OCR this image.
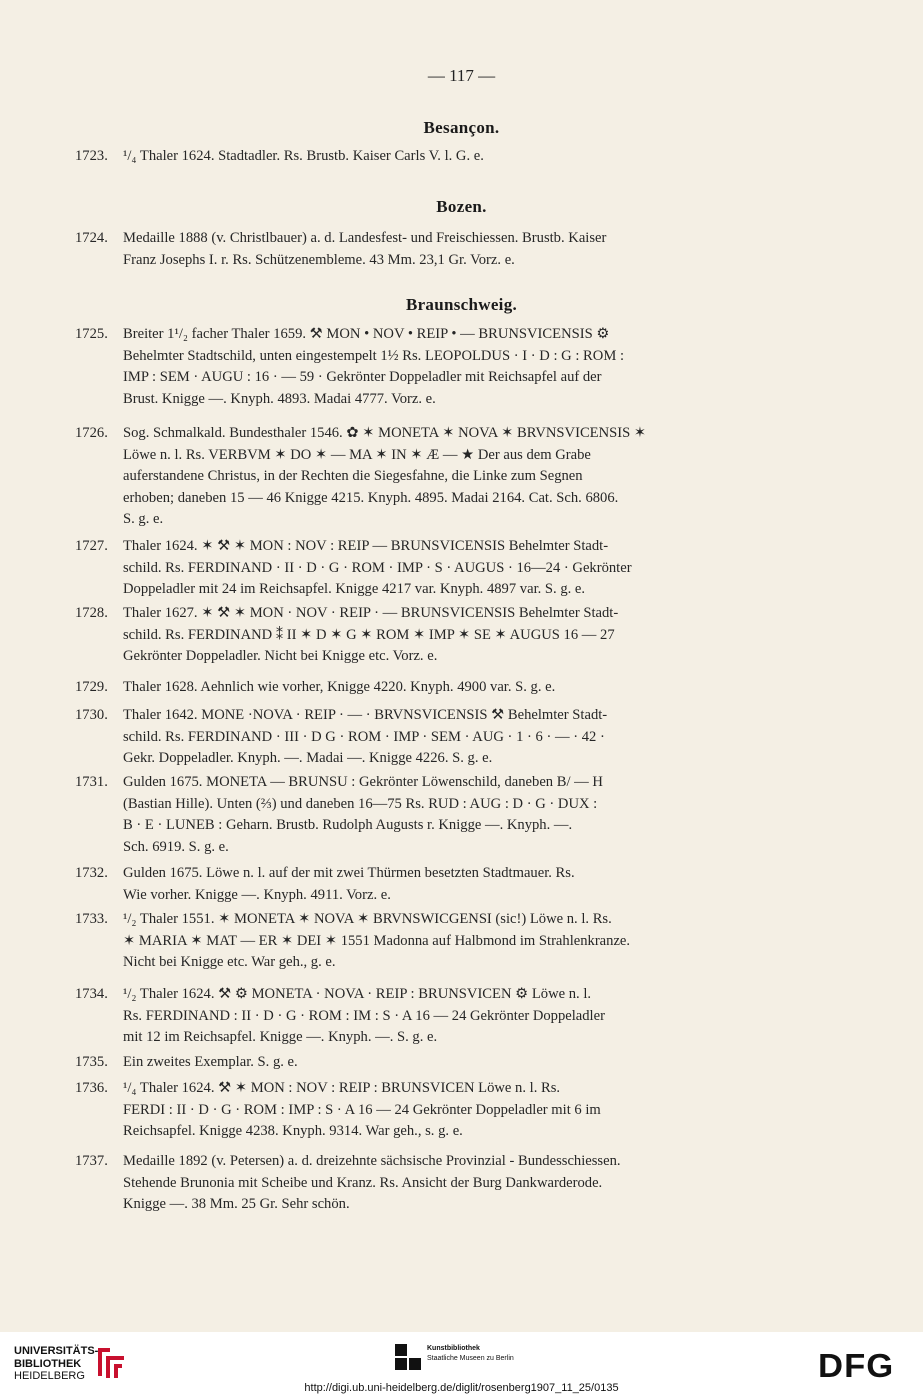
— 117 —
Besançon.
1723.	¹/₄ Thaler 1624. Stadtadler. Rs. Brustb. Kaiser Carls V. l. G. e.
Bozen.
1724.	Medaille 1888 (v. Christlbauer) a. d. Landesfest- und Freischiessen. Brustb. Kaiser
Franz Josephs I. r. Rs. Schützenembleme. 43 Mm. 23,1 Gr. Vorz. e.
Braunschweig.
1725.	Breiter 1¹/₂ facher Thaler 1659. ⚒ MON • NOV • REIP • — BRUNSVICENSIS ⚙
Behelmter Stadtschild, unten eingestempelt 1½ Rs. LEOPOLDUS · I · D : G : ROM :
IMP : SEM · AUGU : 16 · — 59 · Gekrönter Doppeladler mit Reichsapfel auf der
Brust. Knigge —. Knyph. 4893. Madai 4777. Vorz. e.
1726.	Sog. Schmalkald. Bundesthaler 1546. ✿ ✶ MONETA ✶ NOVA ✶ BRVNSVICENSIS ✶
Löwe n. l. Rs. VERBVM ✶ DO ✶ — MA ✶ IN ✶ Æ — ★ Der aus dem Grabe
auferstandene Christus, in der Rechten die Siegesfahne, die Linke zum Segnen
erhoben; daneben 15 — 46 Knigge 4215. Knyph. 4895. Madai 2164. Cat. Sch. 6806.
S. g. e.
1727.	Thaler 1624. ✶ ⚒ ✶ MON : NOV : REIP — BRUNSVICENSIS Behelmter Stadt-
schild. Rs. FERDINAND · II · D · G · ROM · IMP · S · AUGUS · 16—24 · Gekrönter
Doppeladler mit 24 im Reichsapfel. Knigge 4217 var. Knyph. 4897 var. S. g. e.
1728.	Thaler 1627. ✶ ⚒ ✶ MON · NOV · REIP · — BRUNSVICENSIS Behelmter Stadt-
schild. Rs. FERDINAND ⁑ II ✶ D ✶ G ✶ ROM ✶ IMP ✶ SE ✶ AUGUS 16 — 27
Gekrönter Doppeladler. Nicht bei Knigge etc. Vorz. e.
1729.	Thaler 1628. Aehnlich wie vorher, Knigge 4220. Knyph. 4900 var. S. g. e.
1730.	Thaler 1642. MONE ·NOVA · REIP · — · BRVNSVICENSIS ⚒ Behelmter Stadt-
schild. Rs. FERDINAND · III · D G · ROM · IMP · SEM · AUG · 1 · 6 · — · 42 ·
Gekr. Doppeladler. Knyph. —. Madai —. Knigge 4226. S. g. e.
1731.	Gulden 1675. MONETA — BRUNSU : Gekrönter Löwenschild, daneben B/ — H
(Bastian Hille). Unten (⅔) und daneben 16—75 Rs. RUD : AUG : D · G · DUX :
B · E · LUNEB : Geharn. Brustb. Rudolph Augusts r. Knigge —. Knyph. —.
Sch. 6919. S. g. e.
1732.	Gulden 1675. Löwe n. l. auf der mit zwei Thürmen besetzten Stadtmauer. Rs.
Wie vorher. Knigge —. Knyph. 4911. Vorz. e.
1733.	¹/₂ Thaler 1551. ✶ MONETA ✶ NOVA ✶ BRVNSWICGENSI (sic!) Löwe n. l. Rs.
✶ MARIA ✶ MAT — ER ✶ DEI ✶ 1551 Madonna auf Halbmond im Strahlenkranze.
Nicht bei Knigge etc. War geh., g. e.
1734.	¹/₂ Thaler 1624. ⚒ ⚙ MONETA · NOVA · REIP : BRUNSVICEN ⚙ Löwe n. l.
Rs. FERDINAND : II · D · G · ROM : IM : S · A 16 — 24 Gekrönter Doppeladler
mit 12 im Reichsapfel. Knigge —. Knyph. —. S. g. e.
1735.	Ein zweites Exemplar. S. g. e.
1736.	¹/₄ Thaler 1624. ⚒ ✶ MON : NOV : REIP : BRUNSVICEN Löwe n. l. Rs.
FERDI : II · D · G · ROM : IMP : S · A 16 — 24 Gekrönter Doppeladler mit 6 im
Reichsapfel. Knigge 4238. Knyph. 9314. War geh., s. g. e.
1737.	Medaille 1892 (v. Petersen) a. d. dreizehnte sächsische Provinzial - Bundesschiessen.
Stehende Brunonia mit Scheibe und Kranz. Rs. Ansicht der Burg Dankwarderode.
Knigge —. 38 Mm. 25 Gr. Sehr schön.
UNIVERSITÄTS-
BIBLIOTHEK
HEIDELBERG
Kunstbibliothek
Staatliche Museen zu Berlin	DFG
http://digi.ub.uni-heidelberg.de/diglit/rosenberg1907_11_25/0135
